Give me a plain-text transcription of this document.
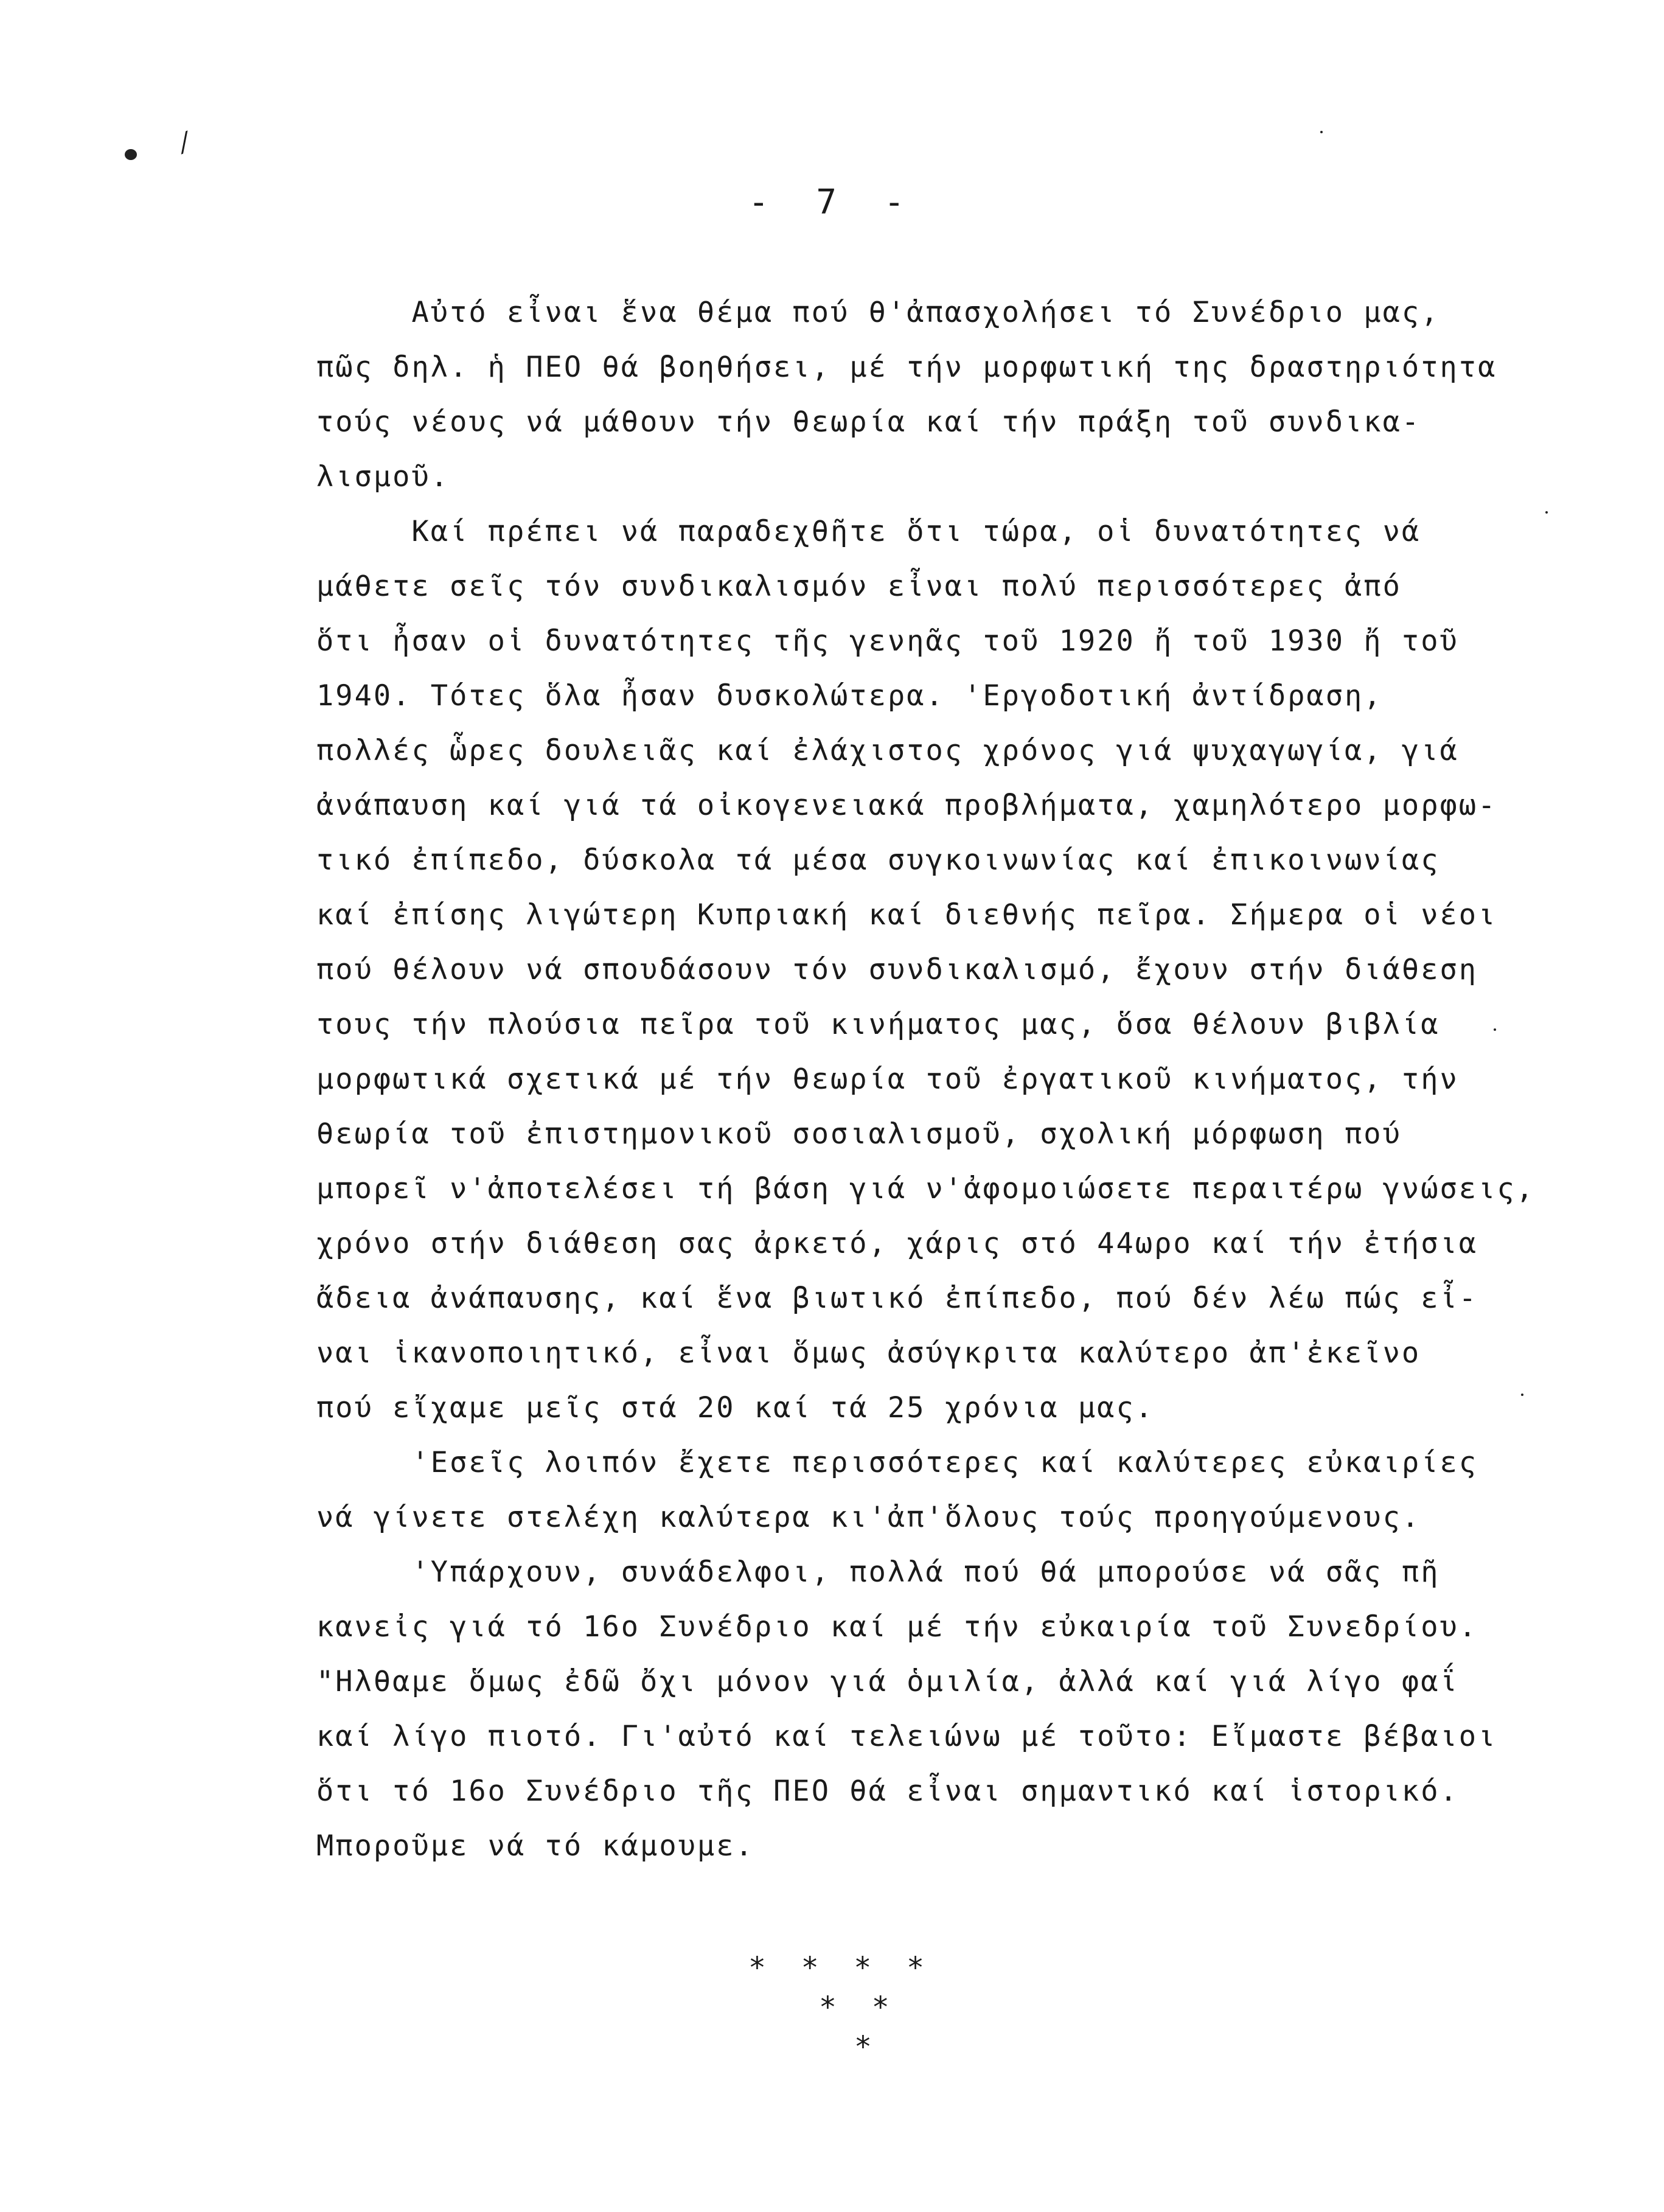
⁄
- 7 -
Αὐτό εἶναι ἕνα θέμα πού θ'ἀπασχολήσει τό Συνέδριο μας,
πῶς δηλ. ἡ ΠΕΟ θά βοηθήσει, μέ τήν μορφωτική της δραστηριότητα
τούς νέους νά μάθουν τήν θεωρία καί τήν πράξη τοῦ συνδικα-
λισμοῦ.
Καί πρέπει νά παραδεχθῆτε ὅτι τώρα, οἱ δυνατότητες νά
μάθετε σεῖς τόν συνδικαλισμόν εἶναι πολύ περισσότερες ἀπό
ὅτι ἦσαν οἱ δυνατότητες τῆς γενηᾶς τοῦ 1920 ἤ τοῦ 1930 ἤ τοῦ
1940. Τότες ὅλα ἦσαν δυσκολώτερα. 'Εργοδοτική ἀντίδραση,
πολλές ὧρες δουλειᾶς καί ἐλάχιστος χρόνος γιά ψυχαγωγία, γιά
ἀνάπαυση καί γιά τά οἰκογενειακά προβλήματα, χαμηλότερο μορφω-
τικό ἐπίπεδο, δύσκολα τά μέσα συγκοινωνίας καί ἐπικοινωνίας
καί ἐπίσης λιγώτερη Κυπριακή καί διεθνής πεῖρα. Σήμερα οἱ νέοι
πού θέλουν νά σπουδάσουν τόν συνδικαλισμό, ἔχουν στήν διάθεση
τους τήν πλούσια πεῖρα τοῦ κινήματος μας, ὅσα θέλουν βιβλία
μορφωτικά σχετικά μέ τήν θεωρία τοῦ ἐργατικοῦ κινήματος, τήν
θεωρία τοῦ ἐπιστημονικοῦ σοσιαλισμοῦ, σχολική μόρφωση πού
μπορεῖ ν'ἀποτελέσει τή βάση γιά ν'ἀφομοιώσετε περαιτέρω γνώσεις,
χρόνο στήν διάθεση σας ἀρκετό, χάρις στό 44ωρο καί τήν ἐτήσια
ἄδεια ἀνάπαυσης, καί ἕνα βιωτικό ἐπίπεδο, πού δέν λέω πώς εἶ-
ναι ἱκανοποιητικό, εἶναι ὅμως ἀσύγκριτα καλύτερο ἀπ'ἐκεῖνο
πού εἴχαμε μεῖς στά 20 καί τά 25 χρόνια μας.
'Εσεῖς λοιπόν ἔχετε περισσότερες καί καλύτερες εὐκαιρίες
νά γίνετε στελέχη καλύτερα κι'ἀπ'ὅλους τούς προηγούμενους.
'Υπάρχουν, συνάδελφοι, πολλά πού θά μπορούσε νά σᾶς πῆ
κανεἰς γιά τό 16ο Συνέδριο καί μέ τήν εὐκαιρία τοῦ Συνεδρίου.
"Ηλθαμε ὅμως ἐδῶ ὄχι μόνον γιά ὁμιλία, ἀλλά καί γιά λίγο φαΐ
καί λίγο πιοτό. Γι'αὐτό καί τελειώνω μέ τοῦτο: Εἴμαστε βέβαιοι
ὅτι τό 16ο Συνέδριο τῆς ΠΕΟ θά εἶναι σημαντικό καί ἱστορικό.
Μποροῦμε νά τό κάμουμε.
*  *  *  *
*  *
*
